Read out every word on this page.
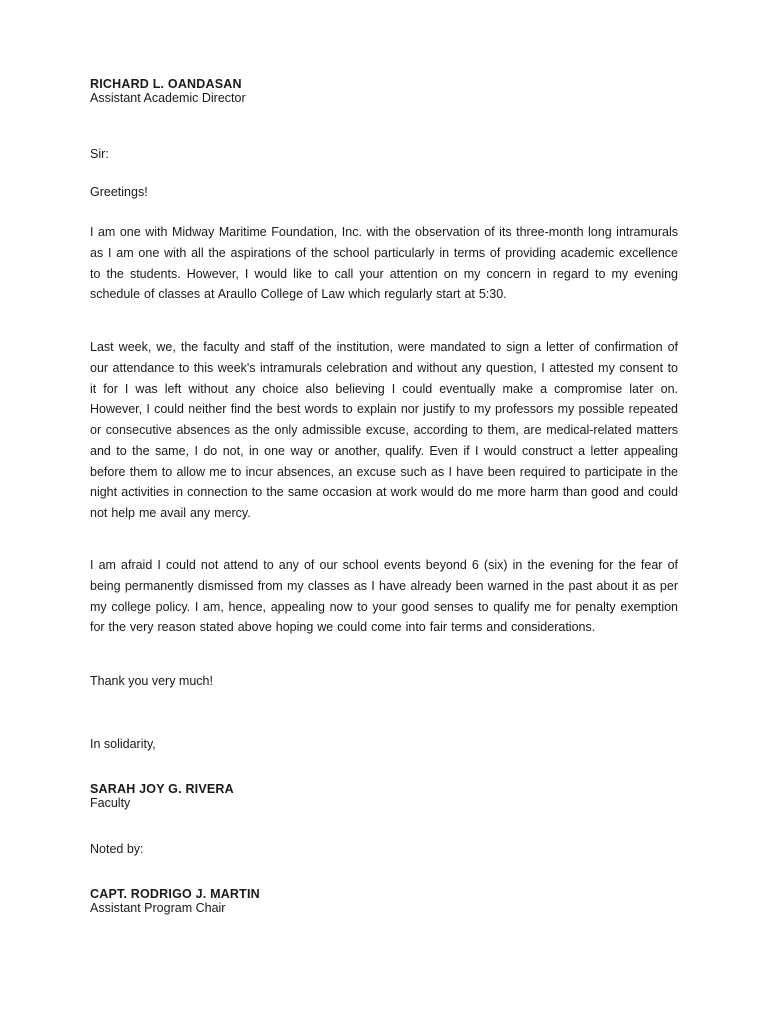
RICHARD L. OANDASAN
Assistant Academic Director
Sir:
Greetings!

I am one with Midway Maritime Foundation, Inc. with the observation of its three-month long intramurals as I am one with all the aspirations of the school particularly in terms of providing academic excellence to the students. However, I would like to call your attention on my concern in regard to my evening schedule of classes at Araullo College of Law which regularly start at 5:30.

Last week, we, the faculty and staff of the institution, were mandated to sign a letter of confirmation of our attendance to this week's intramurals celebration and without any question, I attested my consent to it for I was left without any choice also believing I could eventually make a compromise later on. However, I could neither find the best words to explain nor justify to my professors my possible repeated or consecutive absences as the only admissible excuse, according to them, are medical-related matters and to the same, I do not, in one way or another, qualify. Even if I would construct a letter appealing before them to allow me to incur absences, an excuse such as I have been required to participate in the night activities in connection to the same occasion at work would do me more harm than good and could not help me avail any mercy.

I am afraid I could not attend to any of our school events beyond 6 (six) in the evening for the fear of being permanently dismissed from my classes as I have already been warned in the past about it as per my college policy. I am, hence, appealing now to your good senses to qualify me for penalty exemption for the very reason stated above hoping we could come into fair terms and considerations.

Thank you very much!
In solidarity,
SARAH JOY G. RIVERA
Faculty
Noted by:
CAPT. RODRIGO J. MARTIN
Assistant Program Chair
